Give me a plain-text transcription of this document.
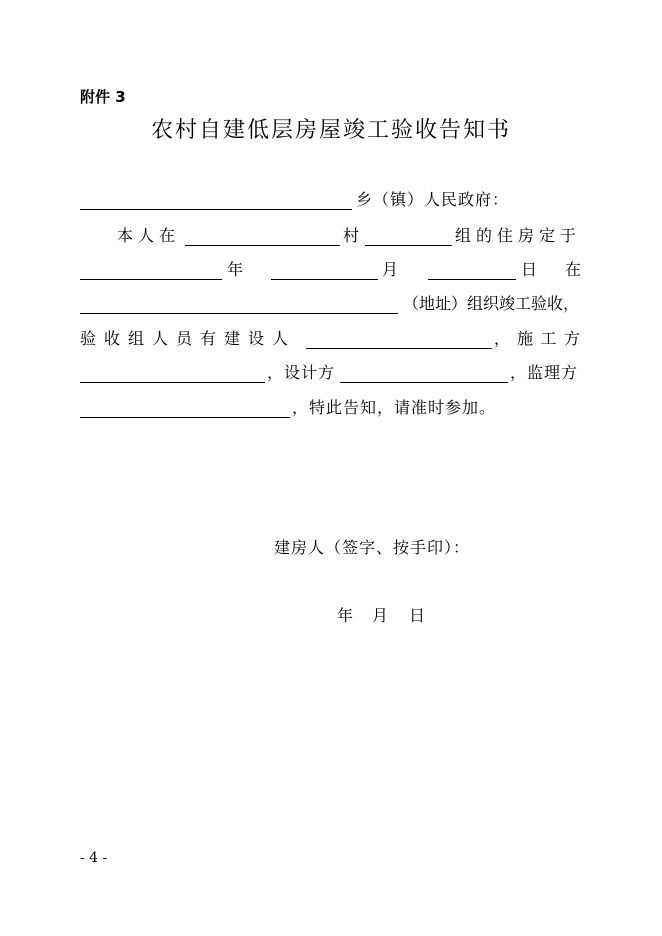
附件 3
农村自建低层房屋竣工验收告知书
乡（镇）人民政府：
本人在	村	组的住房定于
年	月	日 在
（地址）组织竣工验收，
验收组人员有建设人	， 施工方
，设计方	，监理方
，特此告知，请准时参加。
建房人（签字、按手印）：
年 月 日
- 4 -
